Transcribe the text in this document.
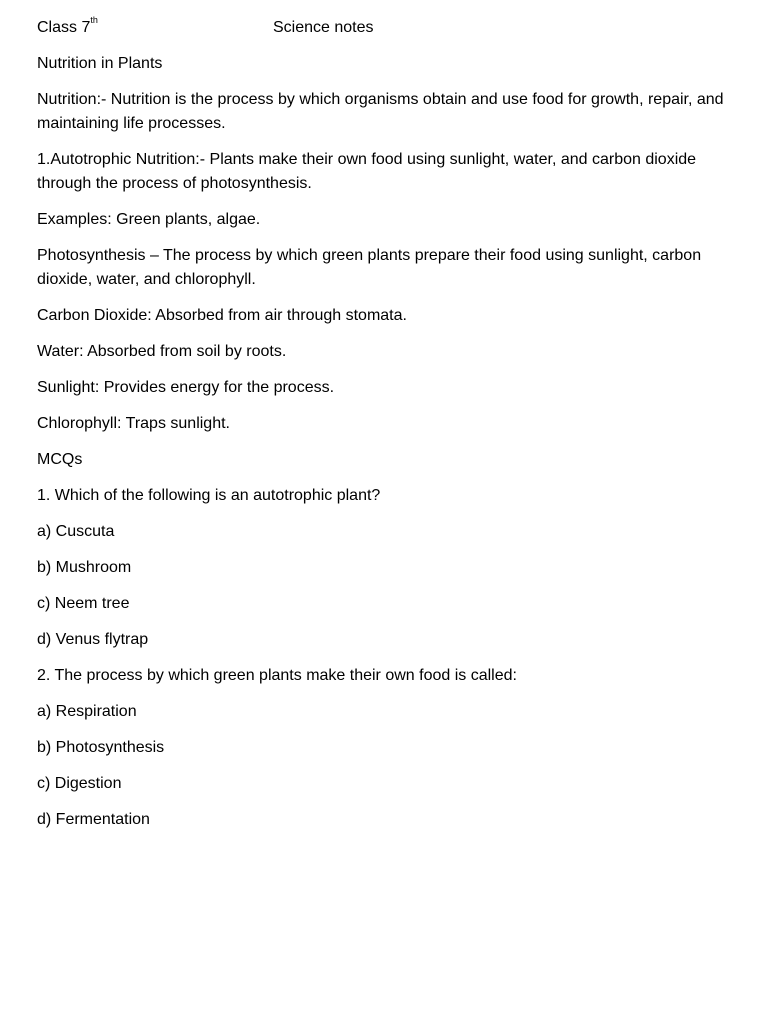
Class 7th	Science notes

Nutrition in Plants

Nutrition:- Nutrition is the process by which organisms obtain and use food for growth, repair, and maintaining life processes.

1.Autotrophic Nutrition:- Plants make their own food using sunlight, water, and carbon dioxide through the process of photosynthesis.

Examples: Green plants, algae.

Photosynthesis – The process by which green plants prepare their food using sunlight, carbon dioxide, water, and chlorophyll.

Carbon Dioxide: Absorbed from air through stomata.

Water: Absorbed from soil by roots.

Sunlight: Provides energy for the process.

Chlorophyll: Traps sunlight.

MCQs

1. Which of the following is an autotrophic plant?

a) Cuscuta

b) Mushroom

c) Neem tree

d) Venus flytrap

2. The process by which green plants make their own food is called:

a) Respiration

b) Photosynthesis

c) Digestion

d) Fermentation
